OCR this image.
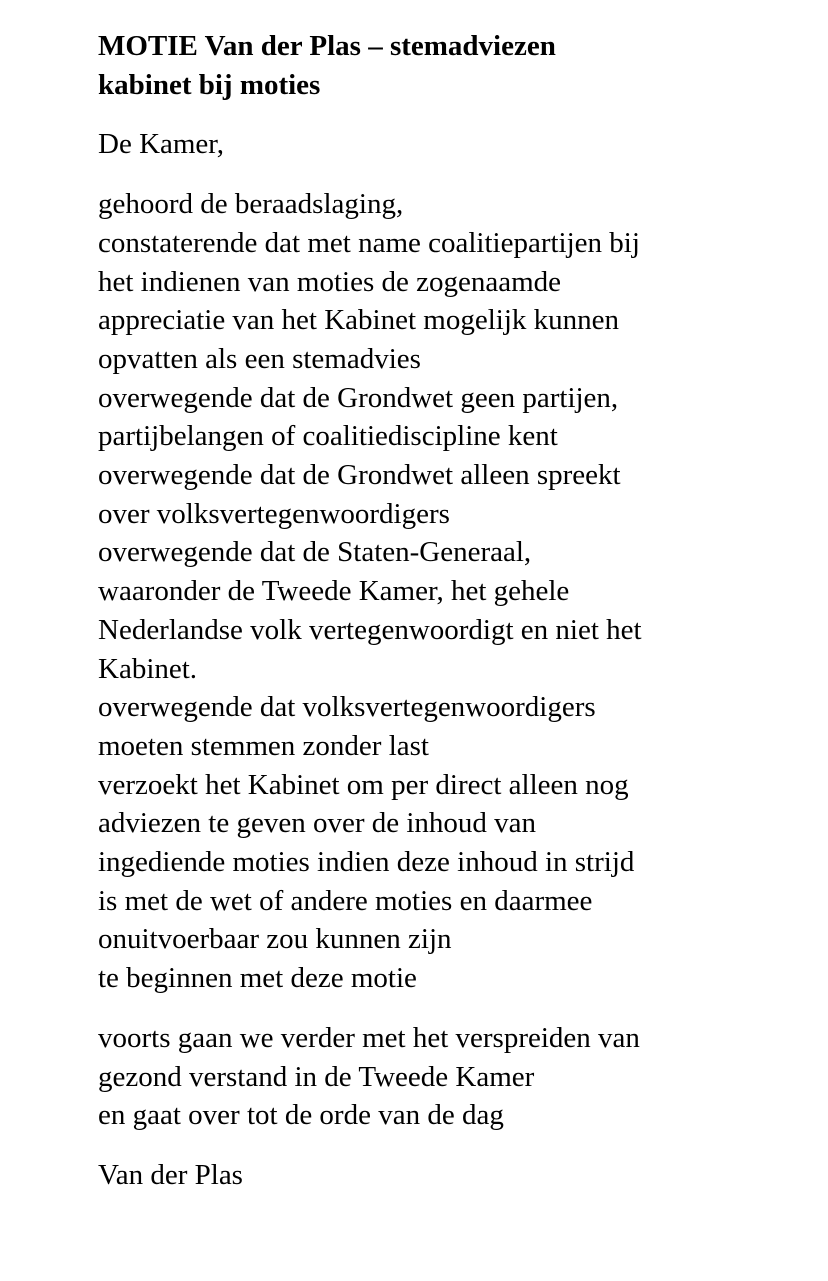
MOTIE Van der Plas – stemadviezen
kabinet bij moties
De Kamer,
gehoord de beraadslaging,
constaterende dat met name coalitiepartijen bij
het indienen van moties de zogenaamde
appreciatie van het Kabinet mogelijk kunnen
opvatten als een stemadvies
overwegende dat de Grondwet geen partijen,
partijbelangen of coalitiediscipline kent
overwegende dat de Grondwet alleen spreekt
over volksvertegenwoordigers
overwegende dat de Staten-Generaal,
waaronder de Tweede Kamer, het gehele
Nederlandse volk vertegenwoordigt en niet het
Kabinet.
overwegende dat volksvertegenwoordigers
moeten stemmen zonder last
verzoekt het Kabinet om per direct alleen nog
adviezen te geven over de inhoud van
ingediende moties indien deze inhoud in strijd
is met de wet of andere moties en daarmee
onuitvoerbaar zou kunnen zijn
te beginnen met deze motie
voorts gaan we verder met het verspreiden van
gezond verstand in de Tweede Kamer
en gaat over tot de orde van de dag
Van der Plas
